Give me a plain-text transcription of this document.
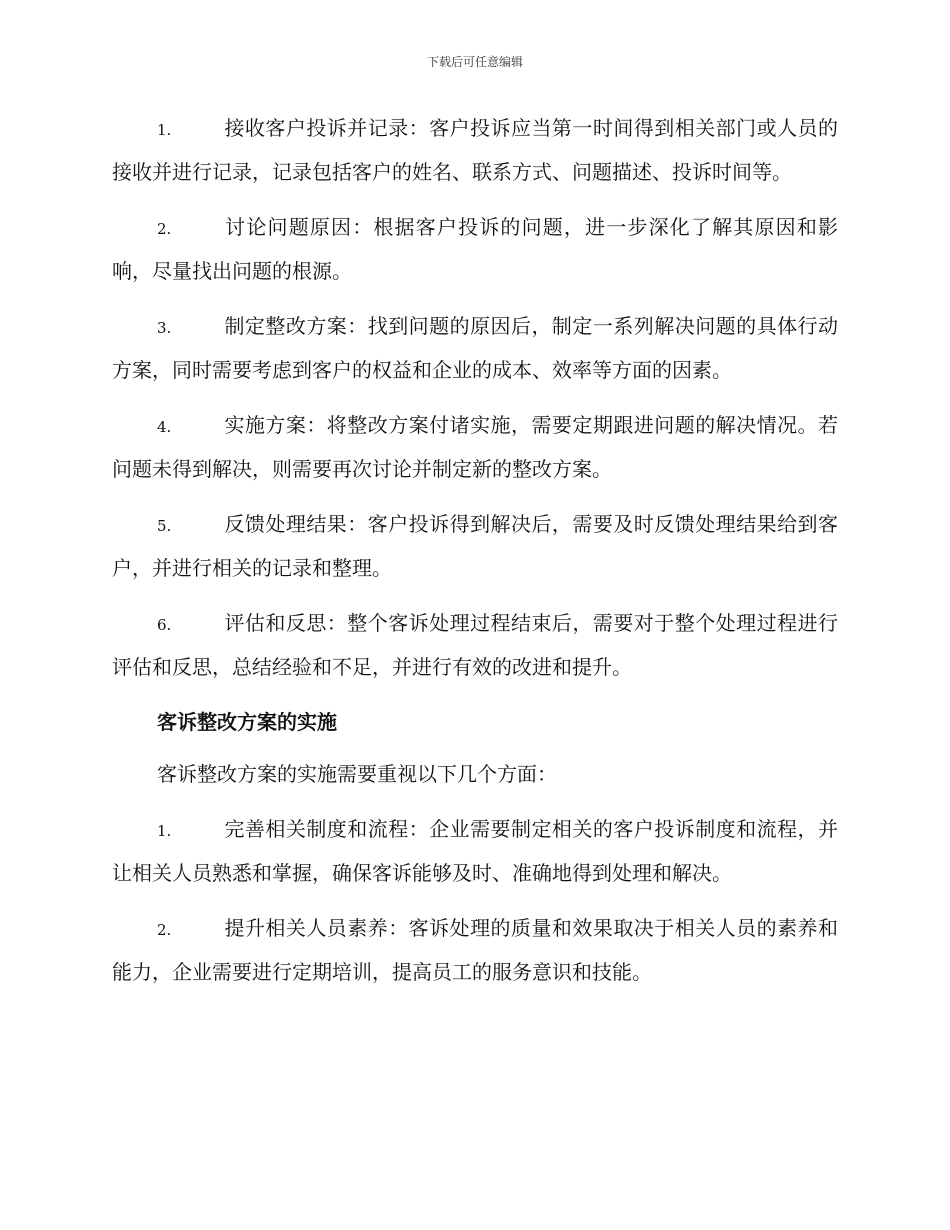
下载后可任意编辑

1.	接收客户投诉并记录：客户投诉应当第一时间得到相关部门或人员的接收并进行记录，记录包括客户的姓名、联系方式、问题描述、投诉时间等。

2.	讨论问题原因：根据客户投诉的问题，进一步深化了解其原因和影响，尽量找出问题的根源。

3.	制定整改方案：找到问题的原因后，制定一系列解决问题的具体行动方案，同时需要考虑到客户的权益和企业的成本、效率等方面的因素。

4.	实施方案：将整改方案付诸实施，需要定期跟进问题的解决情况。若问题未得到解决，则需要再次讨论并制定新的整改方案。

5.	反馈处理结果：客户投诉得到解决后，需要及时反馈处理结果给到客户，并进行相关的记录和整理。

6.	评估和反思：整个客诉处理过程结束后，需要对于整个处理过程进行评估和反思，总结经验和不足，并进行有效的改进和提升。

客诉整改方案的实施

客诉整改方案的实施需要重视以下几个方面：

1.	完善相关制度和流程：企业需要制定相关的客户投诉制度和流程，并让相关人员熟悉和掌握，确保客诉能够及时、准确地得到处理和解决。

2.	提升相关人员素养：客诉处理的质量和效果取决于相关人员的素养和能力，企业需要进行定期培训，提高员工的服务意识和技能。
